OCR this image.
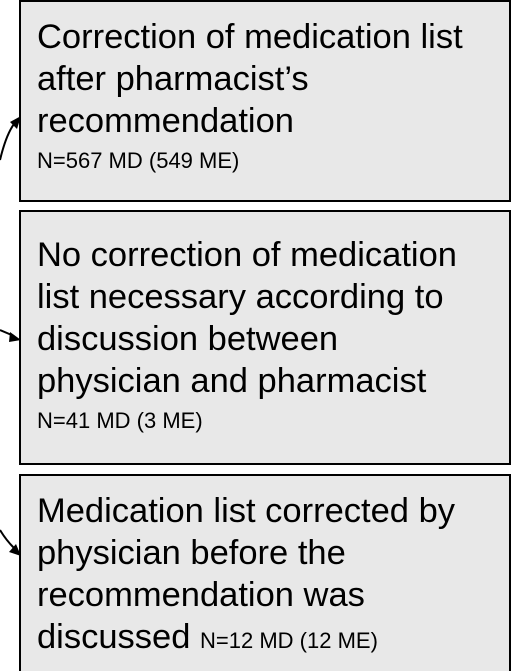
Correction of medication list
after pharmacist’s
recommendation

N=567 MD (549 ME)

No correction of medication
list necessary according to
discussion between
physician and pharmacist

N=41 MD (3 ME)

Medication list corrected by
physician before the
recommendation was
discussed N=12 MD (12 ME)
